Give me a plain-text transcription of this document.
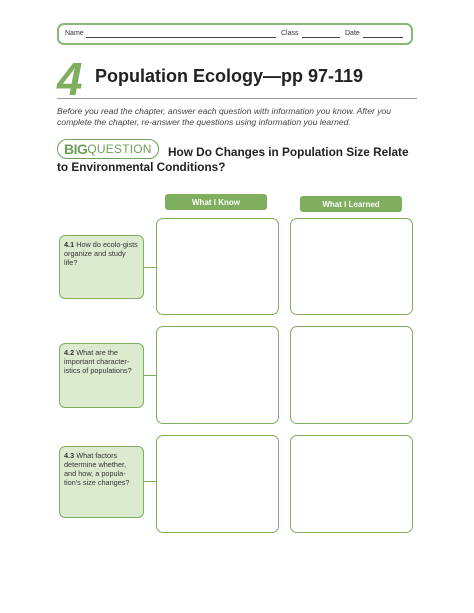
Name	Class	Date
4 Population Ecology—pp 97-119
Before you read the chapter, answer each question with information you know. After you complete the chapter, re-answer the questions using information you learned.
How Do Changes in Population Size Relate to Environmental Conditions?
BIG QUESTION
What I Know	What I Learned
4.1 How do ecolo-gists organize and study life?
4.2 What are the important character-istics of populations?
4.3 What factors determine whether, and how, a popula-tion's size changes?
